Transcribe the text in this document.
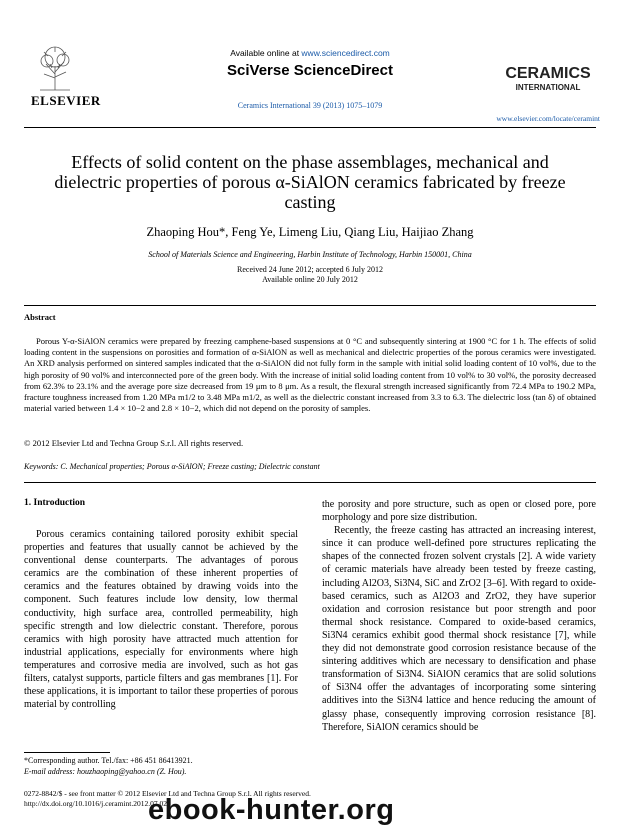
ELSEVIER
Available online at www.sciencedirect.com
SciVerse ScienceDirect
Ceramics International 39 (2013) 1075–1079
CERAMICS
INTERNATIONAL
www.elsevier.com/locate/ceramint
Effects of solid content on the phase assemblages, mechanical and dielectric properties of porous α-SiAlON ceramics fabricated by freeze casting
Zhaoping Hou*, Feng Ye, Limeng Liu, Qiang Liu, Haijiao Zhang
School of Materials Science and Engineering, Harbin Institute of Technology, Harbin 150001, China
Received 24 June 2012; accepted 6 July 2012
Available online 20 July 2012
Abstract
Porous Y-α-SiAlON ceramics were prepared by freezing camphene-based suspensions at 0 °C and subsequently sintering at 1900 °C for 1 h. The effects of solid loading content in the suspensions on porosities and formation of α-SiAlON as well as mechanical and dielectric properties of the porous ceramics were investigated. An XRD analysis performed on sintered samples indicated that the α-SiAlON did not fully form in the sample with initial solid loading content of 10 vol%, due to the high porosity of 90 vol% and interconnected pore of the green body. With the increase of initial solid loading content from 10 vol% to 30 vol%, the porosity decreased from 62.3% to 23.1% and the average pore size decreased from 19 μm to 8 μm. As a result, the flexural strength increased significantly from 72.4 MPa to 190.2 MPa, fracture toughness increased from 1.20 MPa m1/2 to 3.48 MPa m1/2, as well as the dielectric constant increased from 3.3 to 6.3. The dielectric loss (tan δ) of obtained material varied between 1.4 × 10−2 and 2.8 × 10−2, which did not depend on the porosity of samples.
© 2012 Elsevier Ltd and Techna Group S.r.l. All rights reserved.
Keywords: C. Mechanical properties; Porous α-SiAlON; Freeze casting; Dielectric constant
1. Introduction

Porous ceramics containing tailored porosity exhibit special properties and features that usually cannot be achieved by the conventional dense counterparts. The advantages of porous ceramics are the combination of these inherent properties of ceramics and the features obtained by drawing voids into the component. Such features include low density, low thermal conductivity, high surface area, controlled permeability, high specific strength and low dielectric constant. Therefore, porous ceramics with high porosity have attracted much attention for industrial applications, especially for environments where high temperatures and corrosive media are involved, such as hot gas filters, catalyst supports, particle filters and gas membranes [1]. For these applications, it is important to tailor these properties of porous material by controlling

the porosity and pore structure, such as open or closed pore, pore morphology and pore size distribution.

Recently, the freeze casting has attracted an increasing interest, since it can produce well-defined pore structures replicating the shapes of the connected frozen solvent crystals [2]. A wide variety of ceramic materials have already been tested by freeze casting, including Al2O3, Si3N4, SiC and ZrO2 [3–6]. With regard to oxide-based ceramics, such as Al2O3 and ZrO2, they have superior oxidation and corrosion resistance but poor strength and poor thermal shock resistance. Compared to oxide-based ceramics, Si3N4 ceramics exhibit good thermal shock resistance [7], while they did not demonstrate good corrosion resistance because of the sintering additives which are necessary to densification and phase transformation of Si3N4. SiAlON ceramics that are solid solutions of Si3N4 offer the advantages of incorporating some sintering additives into the Si3N4 lattice and hence reducing the amount of glassy phase, consequently improving corrosion resistance [8]. Therefore, SiAlON ceramics should be

*Corresponding author. Tel./fax: +86 451 86413921.
E-mail address: houzhaoping@yahoo.cn (Z. Hou).
0272-8842/$ - see front matter © 2012 Elsevier Ltd and Techna Group S.r.l. All rights reserved.
http://dx.doi.org/10.1016/j.ceramint.2012.07.029
ebook-hunter.org
